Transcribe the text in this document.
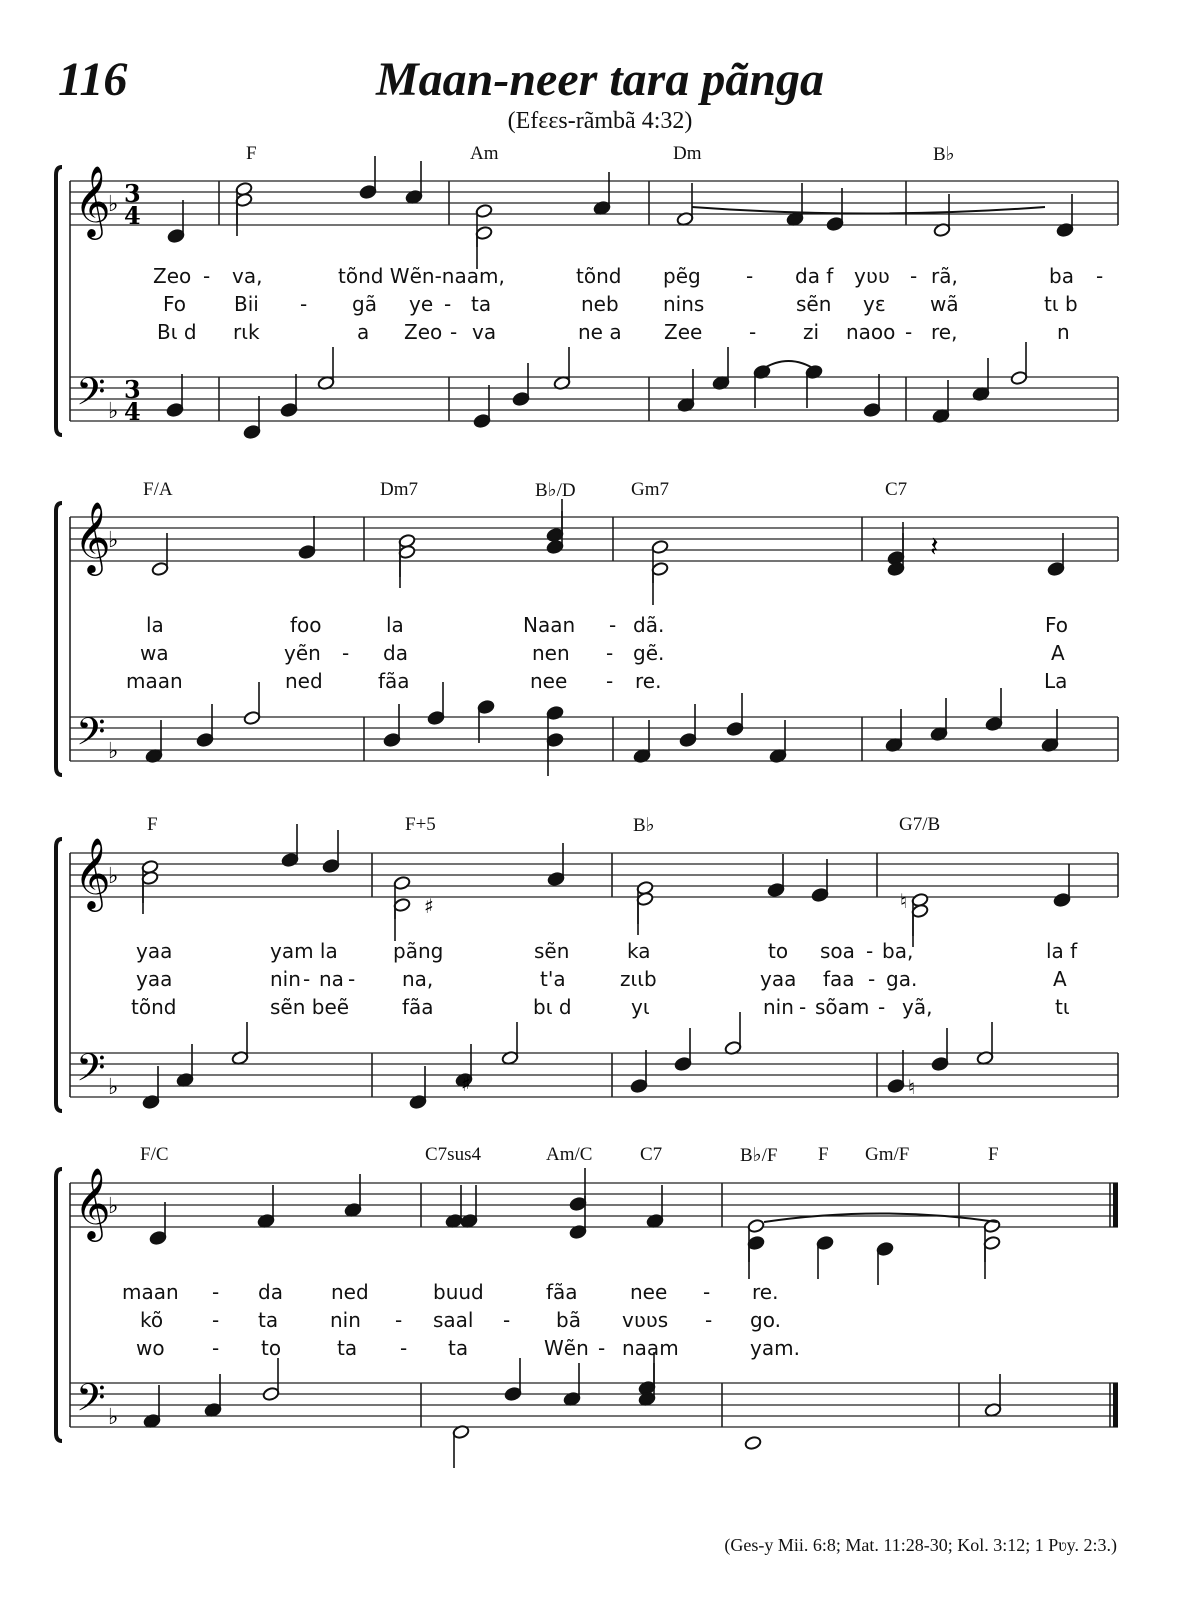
116	Maan-neer tara pãnga
(Efɛɛs-rãmbã 4:32)
𝄞
𝄢
♭
♭
3
4
3
4
𝄞
𝄢
♭
♭
𝄞
𝄢
♭
♭
𝄞
𝄢
♭
♭
𝄽
♯	♮
♯	♮
F	Am	Dm	B♭
Zeo - va,	tõnd Wẽn-naam,	tõnd pẽg - da f yʋʋ - rã,	ba -
Fo Bii - gã ye - ta	neb nins	sẽn yɛ wã	tɩ b
Bɩ d rɩk	a Zeo - va	ne a Zee - zi naoo - re,	n
F/A	Dm7	B♭/D	Gm7	C7
la	foo	la	Naan - dã.	Fo
wa	yẽn - da	nen - gẽ.	A
maan	ned	fãa	nee - re.	La
F	F+5	B♭	G7/B
yaa	yam la	pãng	sẽn	ka	to soa - ba,	la f
yaa	nin - na - na,	t'a	zɩɩb	yaa faa - ga.	A
tõnd	sẽn beẽ	fãa	bɩ d	yɩ	nin - sõam - yã,	tɩ
F/C	C7sus4	Am/C	C7	B♭/F F Gm/F	F
maan - da ned	buud	fãa	nee - re.
kõ - ta	nin - saal - bã vʋʋs - go.
wo - to	ta - ta	Wẽn - naam	yam.
(Ges-y Mii. 6:8; Mat. 11:28-30; Kol. 3:12; 1 Pʋy. 2:3.)
